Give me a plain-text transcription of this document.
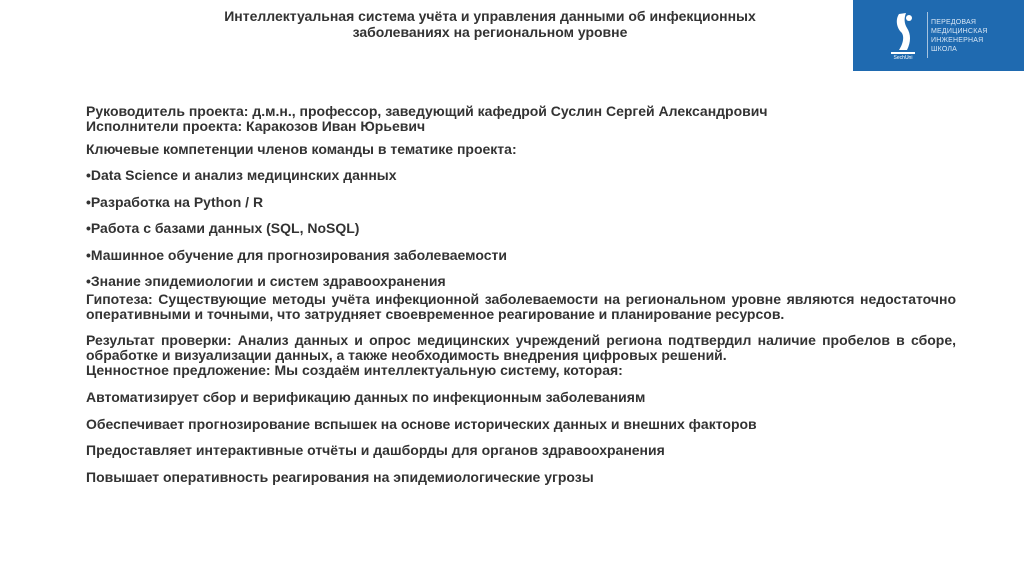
Интеллектуальная система учёта и управления данными об инфекционных
заболеваниях на региональном уровне
SechUni
ПЕРЕДОВАЯ
МЕДИЦИНСКАЯ
ИНЖЕНЕРНАЯ
ШКОЛА
Руководитель проекта: д.м.н., профессор, заведующий кафедрой Суслин Сергей Александрович
Исполнители проекта: Каракозов Иван Юрьевич
Ключевые компетенции членов команды в тематике проекта:
•Data Science и анализ медицинских данных
•Разработка на Python / R
•Работа с базами данных (SQL, NoSQL)
•Машинное обучение для прогнозирования заболеваемости
•Знание эпидемиологии и систем здравоохранения
Гипотеза: Существующие методы учёта инфекционной заболеваемости на региональном уровне являются недостаточно оперативными и точными, что затрудняет своевременное реагирование и планирование ресурсов.
Результат проверки: Анализ данных и опрос медицинских учреждений региона подтвердил наличие пробелов в сборе, обработке и визуализации данных, а также необходимость внедрения цифровых решений.
Ценностное предложение: Мы создаём интеллектуальную систему, которая:
Автоматизирует сбор и верификацию данных по инфекционным заболеваниям
Обеспечивает прогнозирование вспышек на основе исторических данных и внешних факторов
Предоставляет интерактивные отчёты и дашборды для органов здравоохранения
Повышает оперативность реагирования на эпидемиологические угрозы
